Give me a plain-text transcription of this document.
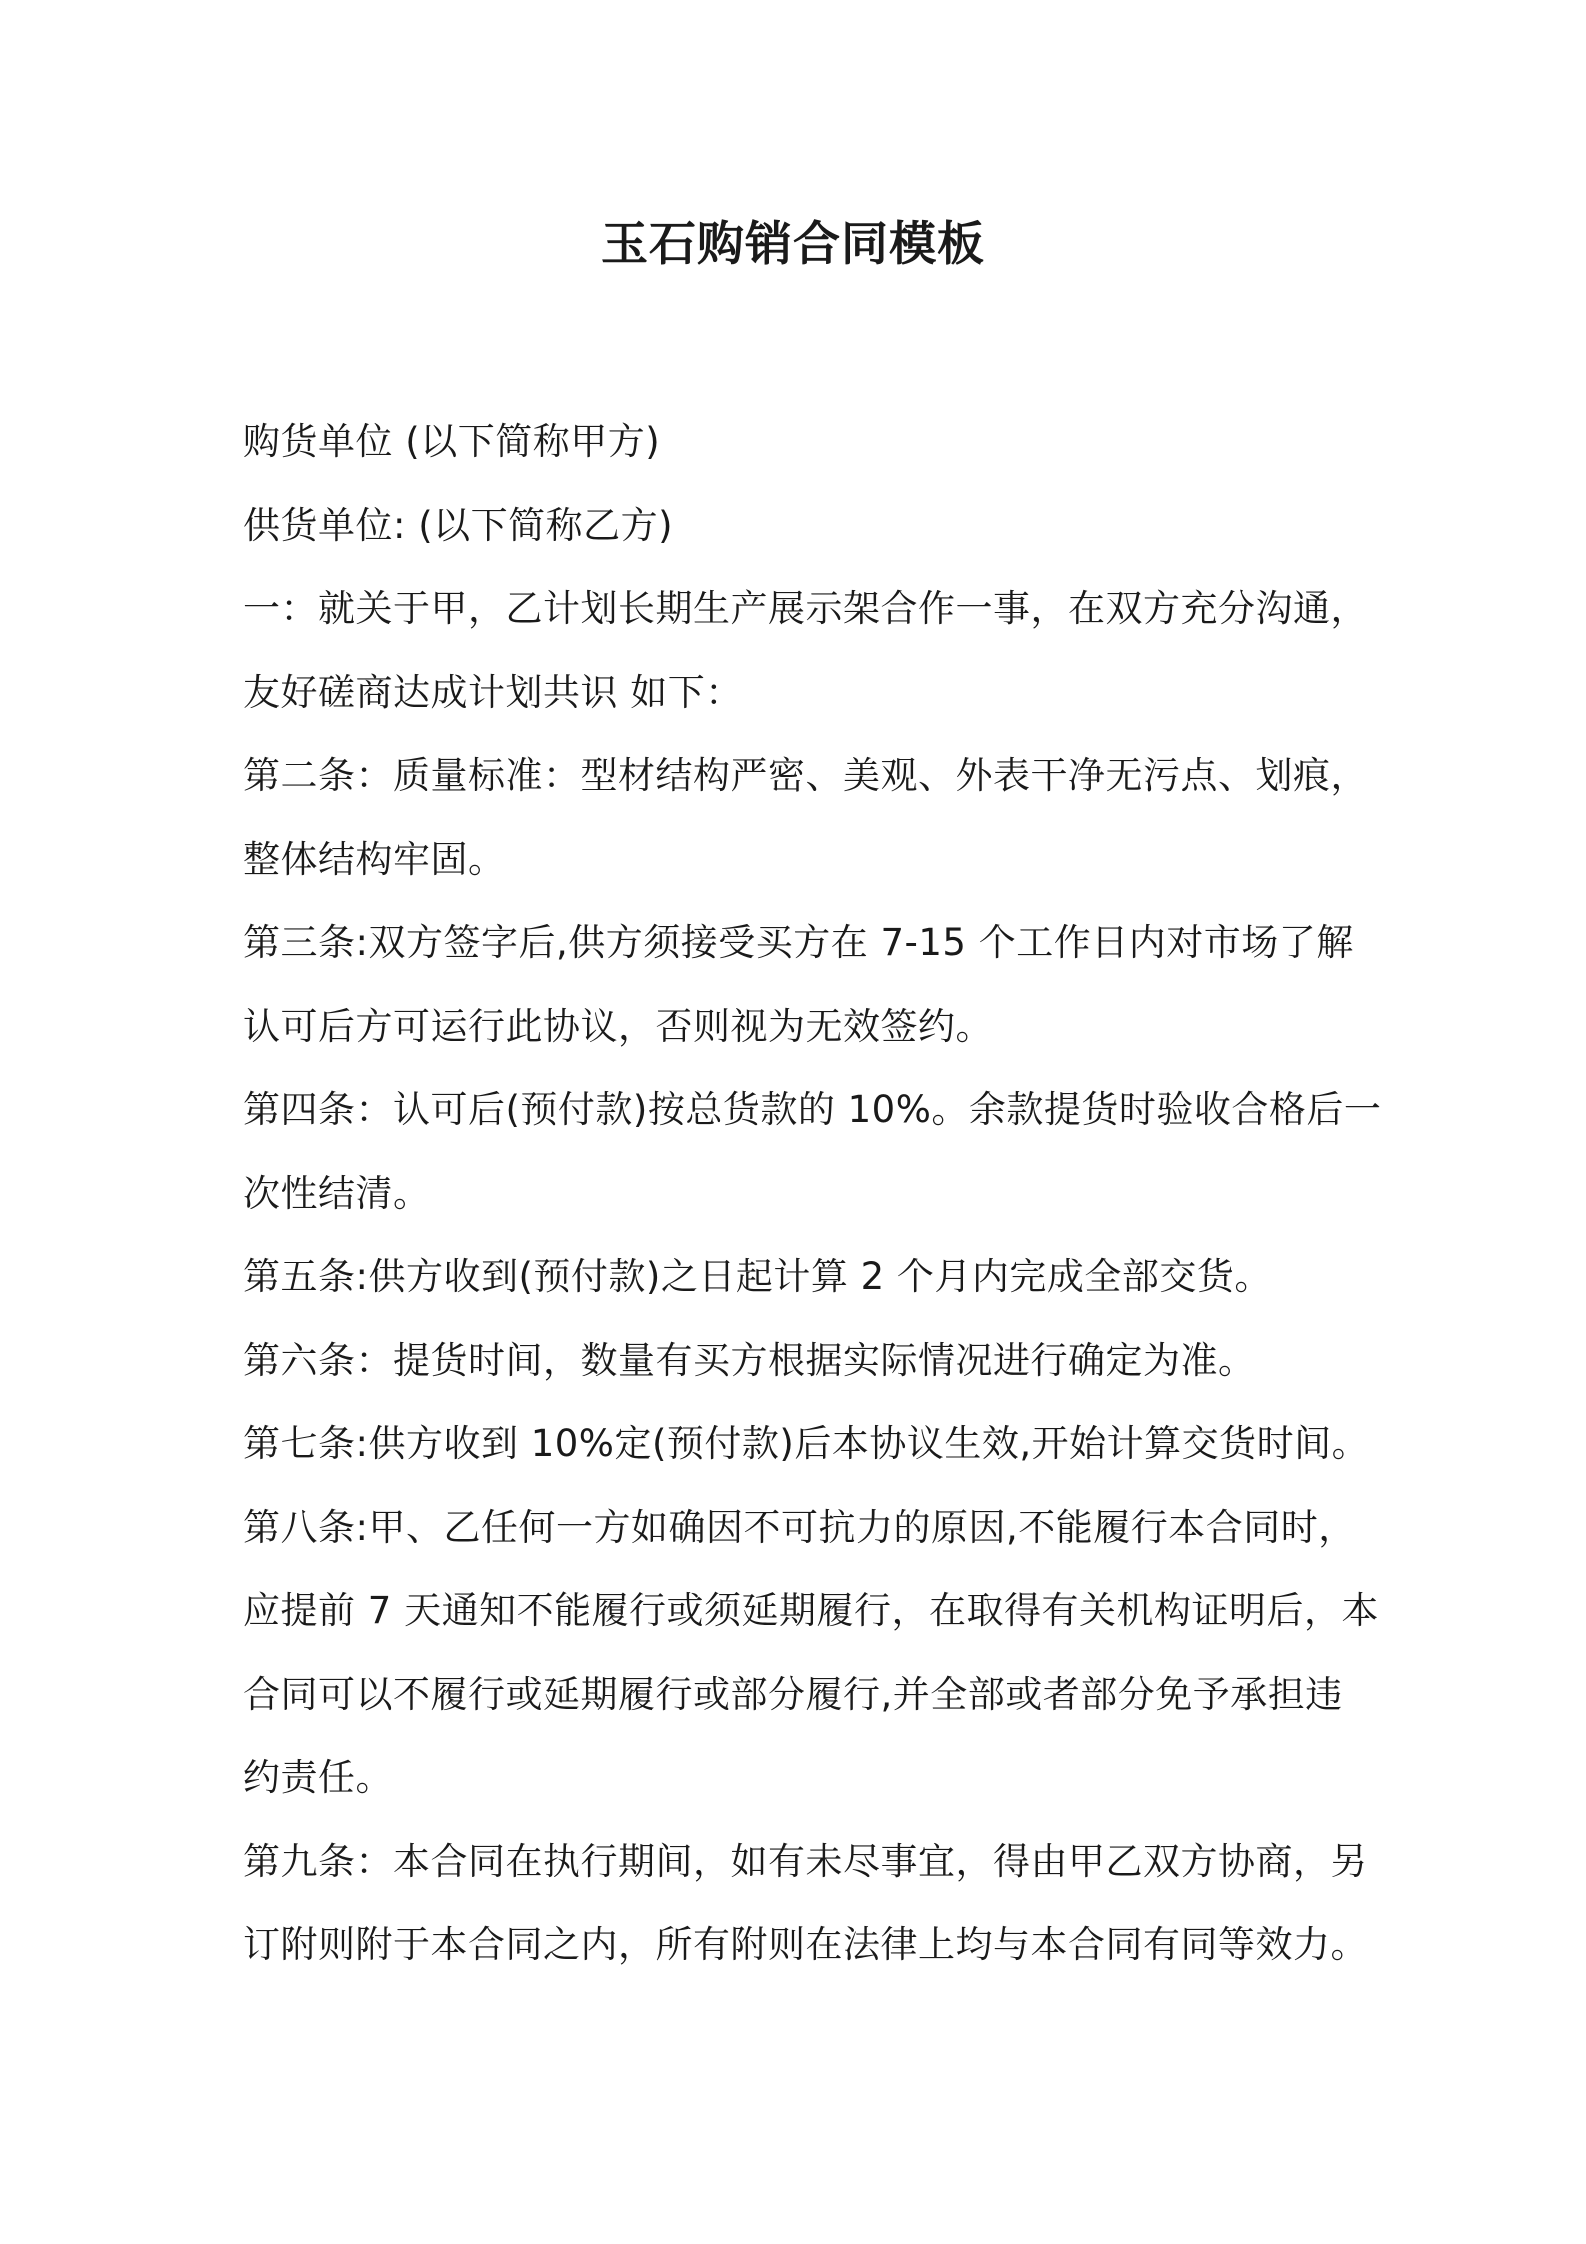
玉石购销合同模板
购货单位 (以下简称甲方)
供货单位: (以下简称乙方)
一：就关于甲，乙计划长期生产展示架合作一事，在双方充分沟通，
友好磋商达成计划共识 如下：
第二条：质量标准：型材结构严密、美观、外表干净无污点、划痕，
整体结构牢固。
第三条:双方签字后,供方须接受买方在 7-15 个工作日内对市场了解
认可后方可运行此协议，否则视为无效签约。
第四条：认可后(预付款)按总货款的 10%。余款提货时验收合格后一
次性结清。
第五条:供方收到(预付款)之日起计算 2 个月内完成全部交货。
第六条：提货时间，数量有买方根据实际情况进行确定为准。
第七条:供方收到 10%定(预付款)后本协议生效,开始计算交货时间。
第八条:甲、乙任何一方如确因不可抗力的原因,不能履行本合同时，
应提前 7 天通知不能履行或须延期履行，在取得有关机构证明后，本
合同可以不履行或延期履行或部分履行,并全部或者部分免予承担违
约责任。
第九条：本合同在执行期间，如有未尽事宜，得由甲乙双方协商，另
订附则附于本合同之内，所有附则在法律上均与本合同有同等效力。
